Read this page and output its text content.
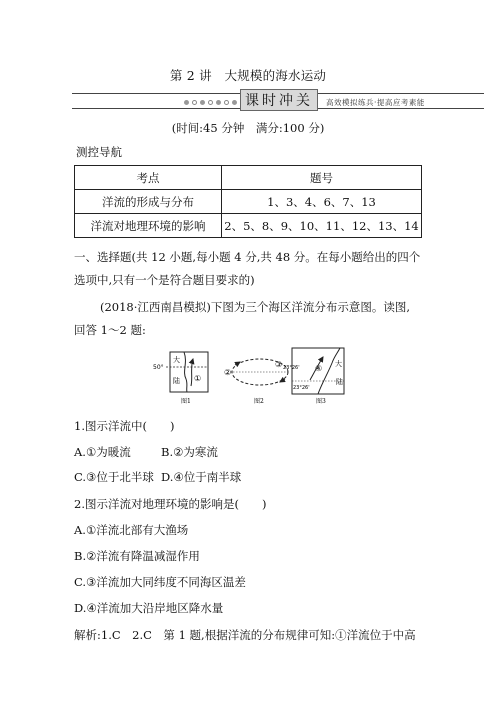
第 2 讲　大规模的海水运动
课时冲关	高效模拟练兵·提高应考素能
(时间:45 分钟　满分:100 分)
测控导航
考点	题号
洋流的形成与分布	1、3、4、6、7、13
洋流对地理环境的影响	2、5、8、9、10、11、12、13、14
一、选择题(共 12 小题,每小题 4 分,共 48 分。在每小题给出的四个
选项中,只有一个是符合题目要求的)
(2018·江西南昌模拟)下图为三个海区洋流分布示意图。读图,
回答 1～2 题:
50°
大
陆 ①
图1
②
③ 23°26'
图2
④ 大
陆
23°26'
图3
1.图示洋流中(　　)
A.①为暖流	B.②为寒流
C.③位于北半球 D.④位于南半球
2.图示洋流对地理环境的影响是(　　)
A.①洋流北部有大渔场
B.②洋流有降温减湿作用
C.③洋流加大同纬度不同海区温差
D.④洋流加大沿岸地区降水量
解析:1.C　2.C　第 1 题,根据洋流的分布规律可知:①洋流位于中高
